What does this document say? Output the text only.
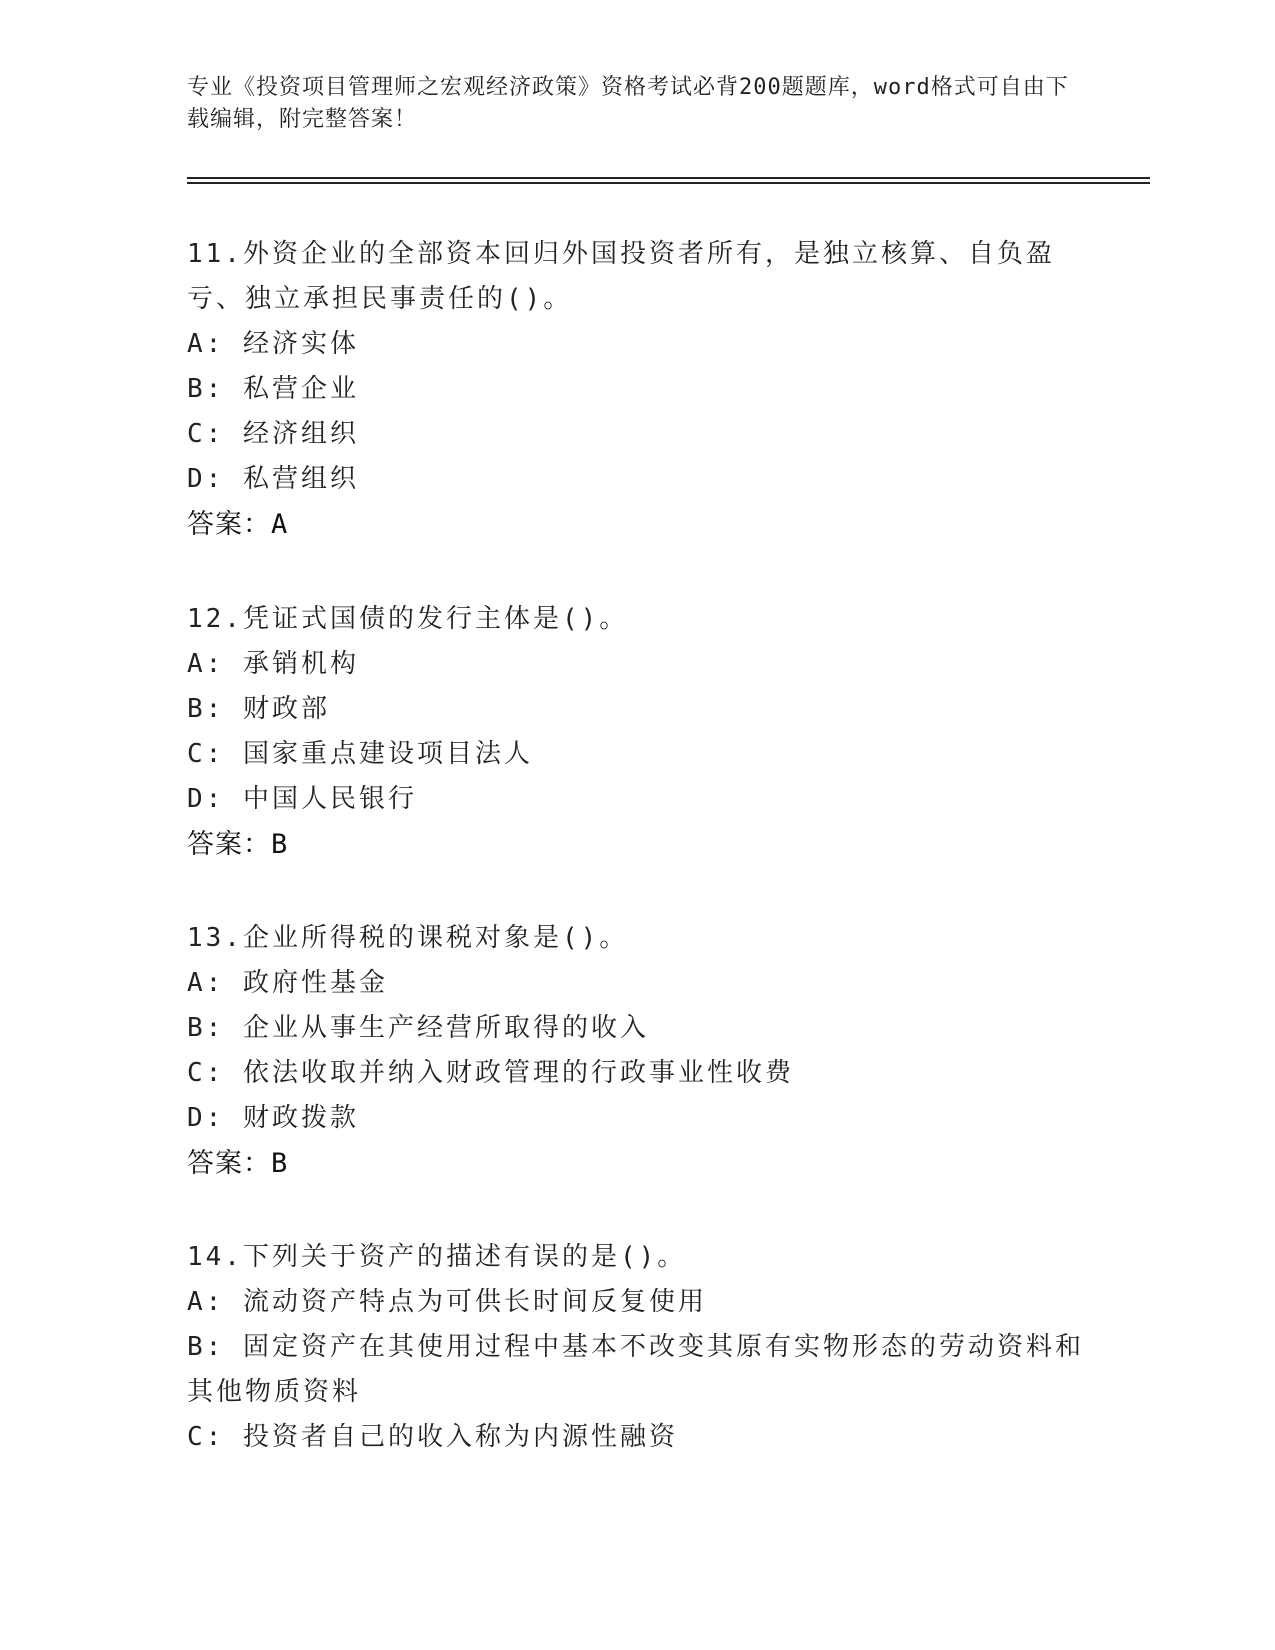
专业《投资项目管理师之宏观经济政策》资格考试必背200题题库，word格式可自由下载编辑，附完整答案！

11.外资企业的全部资本回归外国投资者所有，是独立核算、自负盈亏、独立承担民事责任的()。

A: 经济实体

B: 私营企业

C: 经济组织

D: 私营组织

答案：A

12.凭证式国债的发行主体是()。

A: 承销机构

B: 财政部

C: 国家重点建设项目法人

D: 中国人民银行

答案：B

13.企业所得税的课税对象是()。

A: 政府性基金

B: 企业从事生产经营所取得的收入

C: 依法收取并纳入财政管理的行政事业性收费

D: 财政拨款

答案：B

14.下列关于资产的描述有误的是()。

A: 流动资产特点为可供长时间反复使用

B: 固定资产在其使用过程中基本不改变其原有实物形态的劳动资料和其他物质资料

C: 投资者自己的收入称为内源性融资
